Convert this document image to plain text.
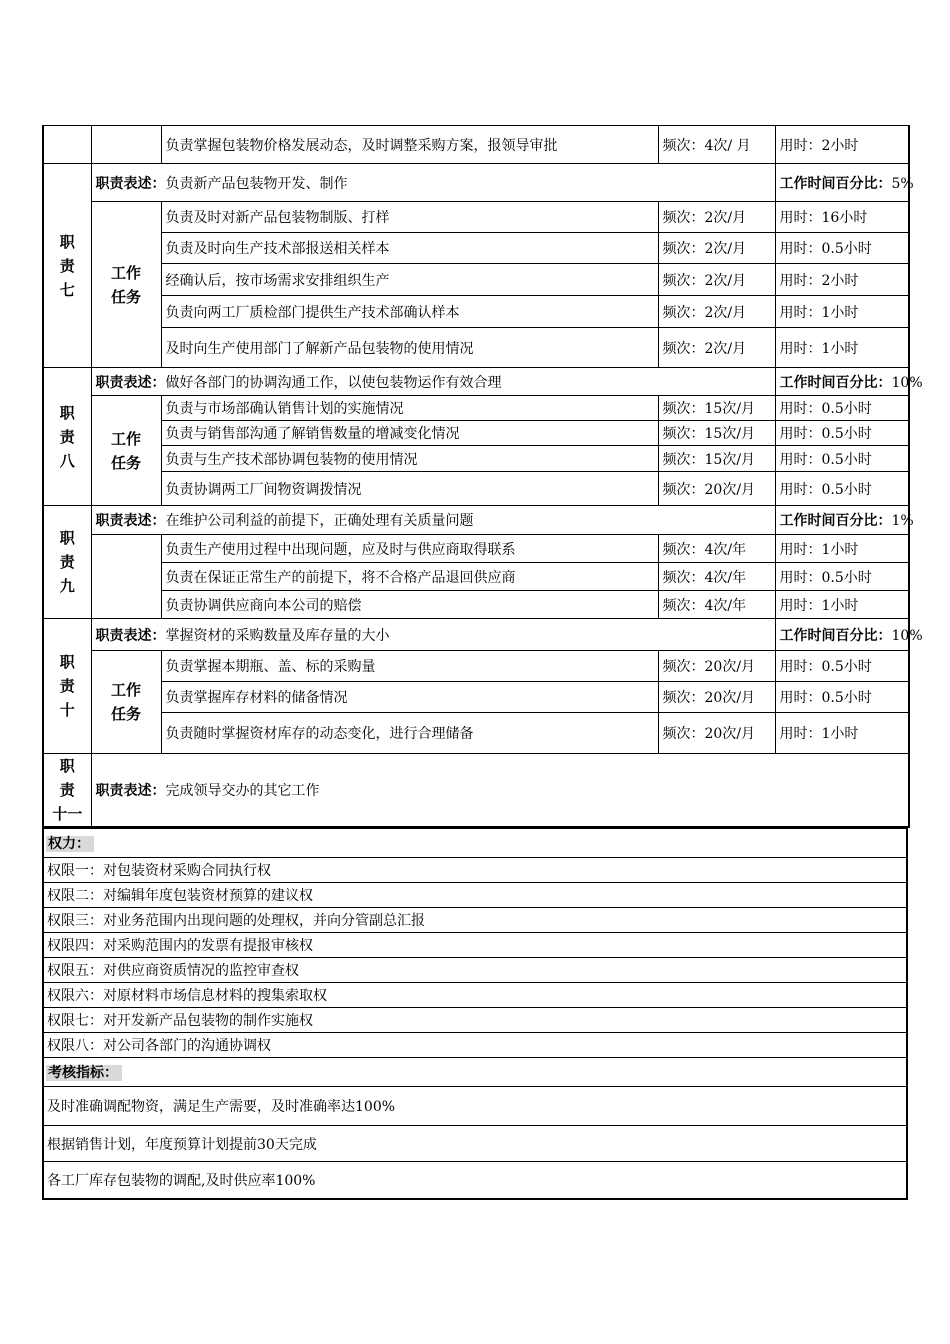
		负责掌握包装物价格发展动态，及时调整采购方案，报领导审批	频次：4次/ 月	用时：2小时
职
责
七	职责表述：负责新产品包装物开发、制作			工作时间百分比：5%
	工作
任务	负责及时对新产品包装物制版、打样	频次：2次/月	用时：16小时
		负责及时向生产技术部报送相关样本	频次：2次/月	用时：0.5小时
		经确认后，按市场需求安排组织生产	频次：2次/月	用时：2小时
		负责向两工厂质检部门提供生产技术部确认样本	频次：2次/月	用时：1小时
		及时向生产使用部门了解新产品包装物的使用情况	频次：2次/月	用时：1小时
职
责
八	职责表述：做好各部门的协调沟通工作，以使包装物运作有效合理			工作时间百分比：10%
	工作
任务	负责与市场部确认销售计划的实施情况	频次：15次/月	用时：0.5小时
		负责与销售部沟通了解销售数量的增减变化情况	频次：15次/月	用时：0.5小时
		负责与生产技术部协调包装物的使用情况	频次：15次/月	用时：0.5小时
		负责协调两工厂间物资调拨情况	频次：20次/月	用时：0.5小时
职
责
九	职责表述：在维护公司利益的前提下，正确处理有关质量问题			工作时间百分比：1%
		负责生产使用过程中出现问题，应及时与供应商取得联系	频次：4次/年	用时：1小时
		负责在保证正常生产的前提下，将不合格产品退回供应商	频次：4次/年	用时：0.5小时
		负责协调供应商向本公司的赔偿	频次：4次/年	用时：1小时
职
责
十	职责表述：掌握资材的采购数量及库存量的大小			工作时间百分比：10%
	工作
任务	负责掌握本期瓶、盖、标的采购量	频次：20次/月	用时：0.5小时
		负责掌握库存材料的储备情况	频次：20次/月	用时：0.5小时
		负责随时掌握资材库存的动态变化，进行合理储备	频次：20次/月	用时：1小时
职
责
十一	职责表述：完成领导交办的其它工作			
权力：
权限一：对包装资材采购合同执行权
权限二：对编辑年度包装资材预算的建议权
权限三：对业务范围内出现问题的处理权，并向分管副总汇报
权限四：对采购范围内的发票有提报审核权
权限五：对供应商资质情况的监控审查权
权限六：对原材料市场信息材料的搜集索取权
权限七：对开发新产品包装物的制作实施权
权限八：对公司各部门的沟通协调权
考核指标：
及时准确调配物资，满足生产需要，及时准确率达100%
根据销售计划，年度预算计划提前30天完成
各工厂库存包装物的调配,及时供应率100%
